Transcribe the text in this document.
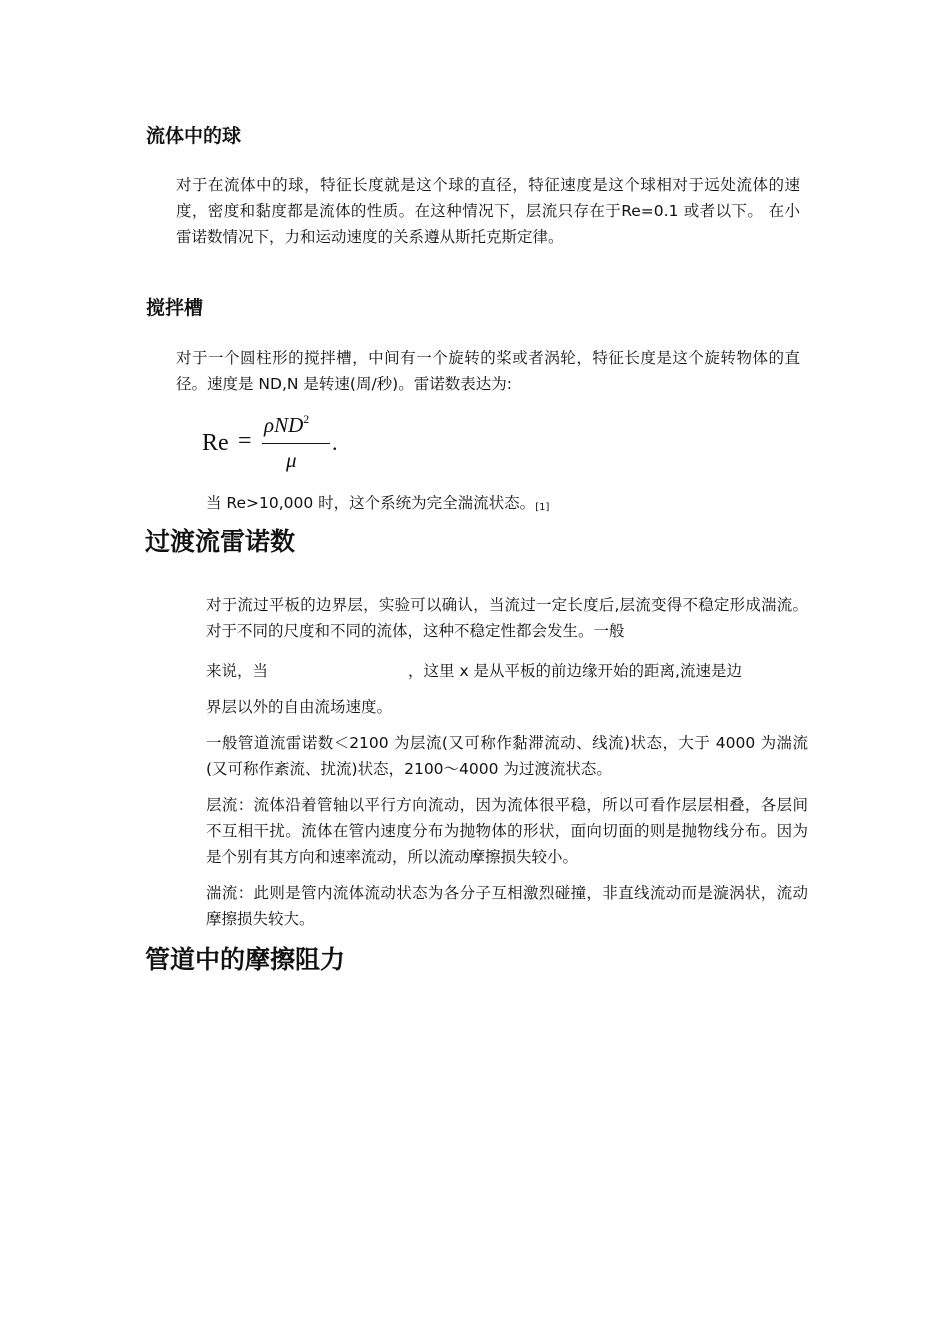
流体中的球

对于在流体中的球，特征长度就是这个球的直径，特征速度是这个球相对于远处流体的速度，密度和黏度都是流体的性质。在这种情况下，层流只存在于Re=0.1 或者以下。 在小雷诺数情况下，力和运动速度的关系遵从斯托克斯定律。

搅拌槽

对于一个圆柱形的搅拌槽，中间有一个旋转的桨或者涡轮，特征长度是这个旋转物体的直径。速度是 ND,N 是转速(周/秒)。雷诺数表达为:

Re =
ρND$^2$
μ
.

当 Re>10,000 时，这个系统为完全湍流状态。[1]

过渡流雷诺数

对于流过平板的边界层，实验可以确认，当流过一定长度后,层流变得不稳定形成湍流。对于不同的尺度和不同的流体，这种不稳定性都会发生。一般

来说，当	，这里 x 是从平板的前边缘开始的距离,流速是边

界层以外的自由流场速度。

一般管道流雷诺数＜2100 为层流(又可称作黏滞流动、线流)状态，大于 4000 为湍流(又可称作紊流、扰流)状态，2100～4000 为过渡流状态。

层流：流体沿着管轴以平行方向流动，因为流体很平稳，所以可看作层层相叠，各层间不互相干扰。流体在管内速度分布为抛物体的形状，面向切面的则是抛物线分布。因为是个别有其方向和速率流动，所以流动摩擦损失较小。

湍流：此则是管内流体流动状态为各分子互相激烈碰撞，非直线流动而是漩涡状，流动摩擦损失较大。

管道中的摩擦阻力
